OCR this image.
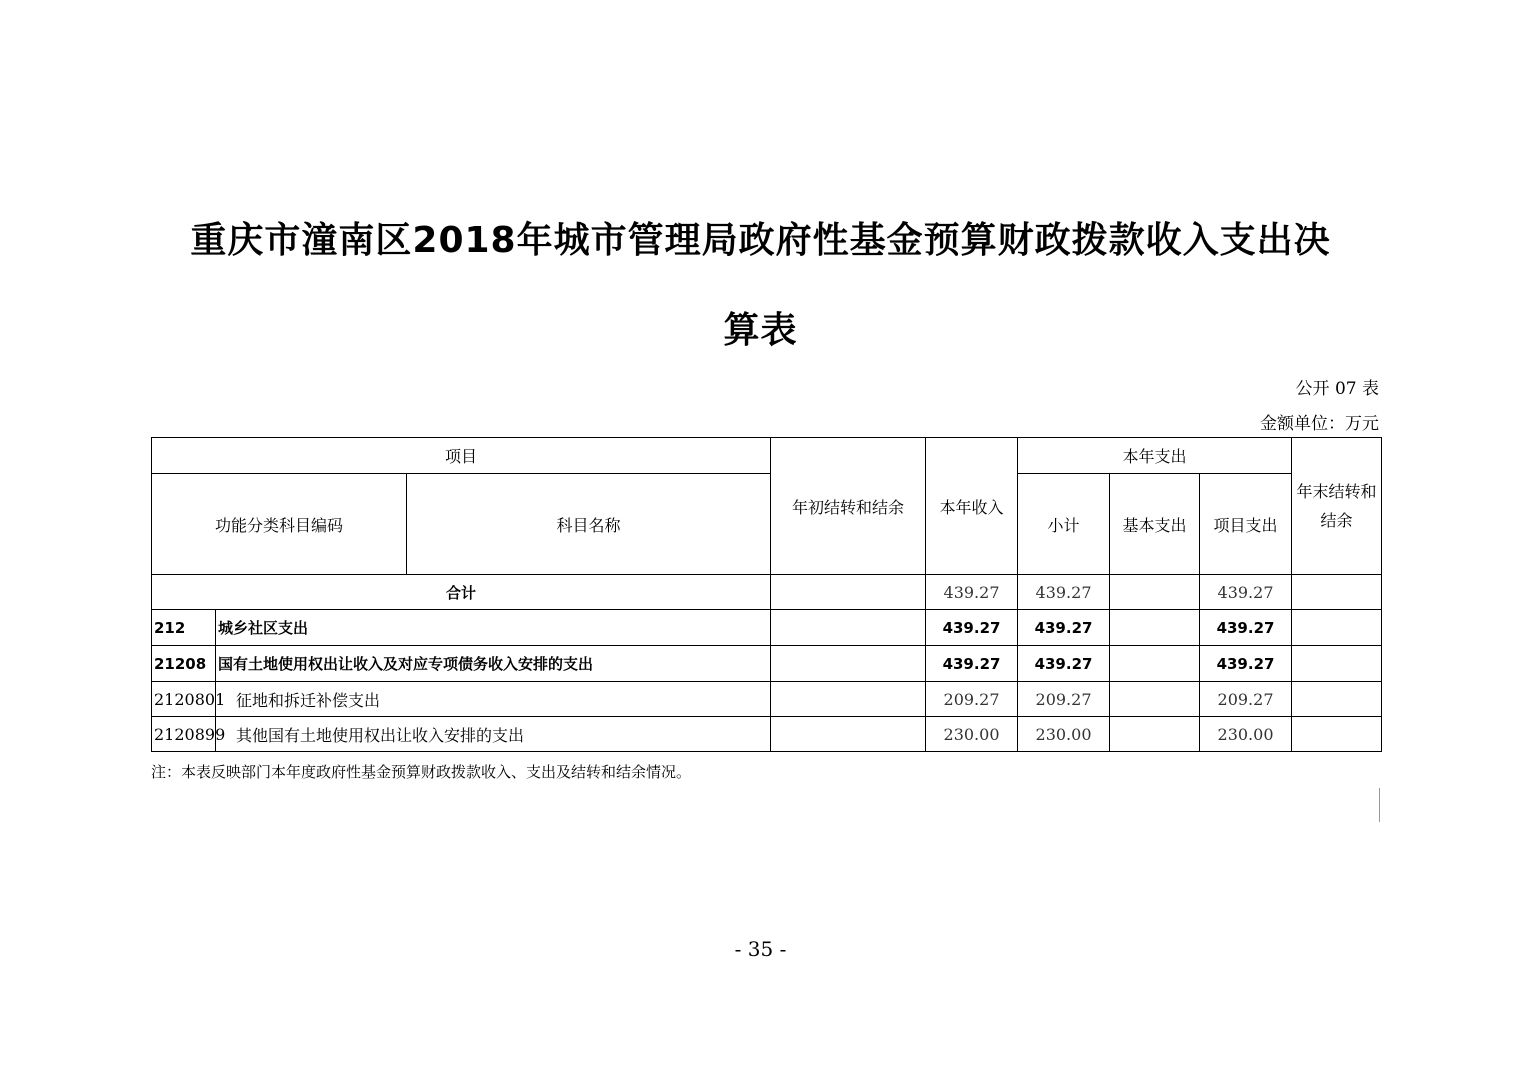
重庆市潼南区2018年城市管理局政府性基金预算财政拨款收入支出决
算表
公开 07 表
金额单位：万元
项目			年初结转和结余	本年收入	本年支出			年末结转和结余
功能分类科目编码		科目名称			小计	基本支出	项目支出	
合计				439.27	439.27		439.27	
212	城乡社区支出			439.27	439.27		439.27	
21208	国有土地使用权出让收入及对应专项债务收入安排的支出			439.27	439.27		439.27	
2120801	征地和拆迁补偿支出			209.27	209.27		209.27	
2120899	其他国有土地使用权出让收入安排的支出			230.00	230.00		230.00	
注：本表反映部门本年度政府性基金预算财政拨款收入、支出及结转和结余情况。
- 35 -
